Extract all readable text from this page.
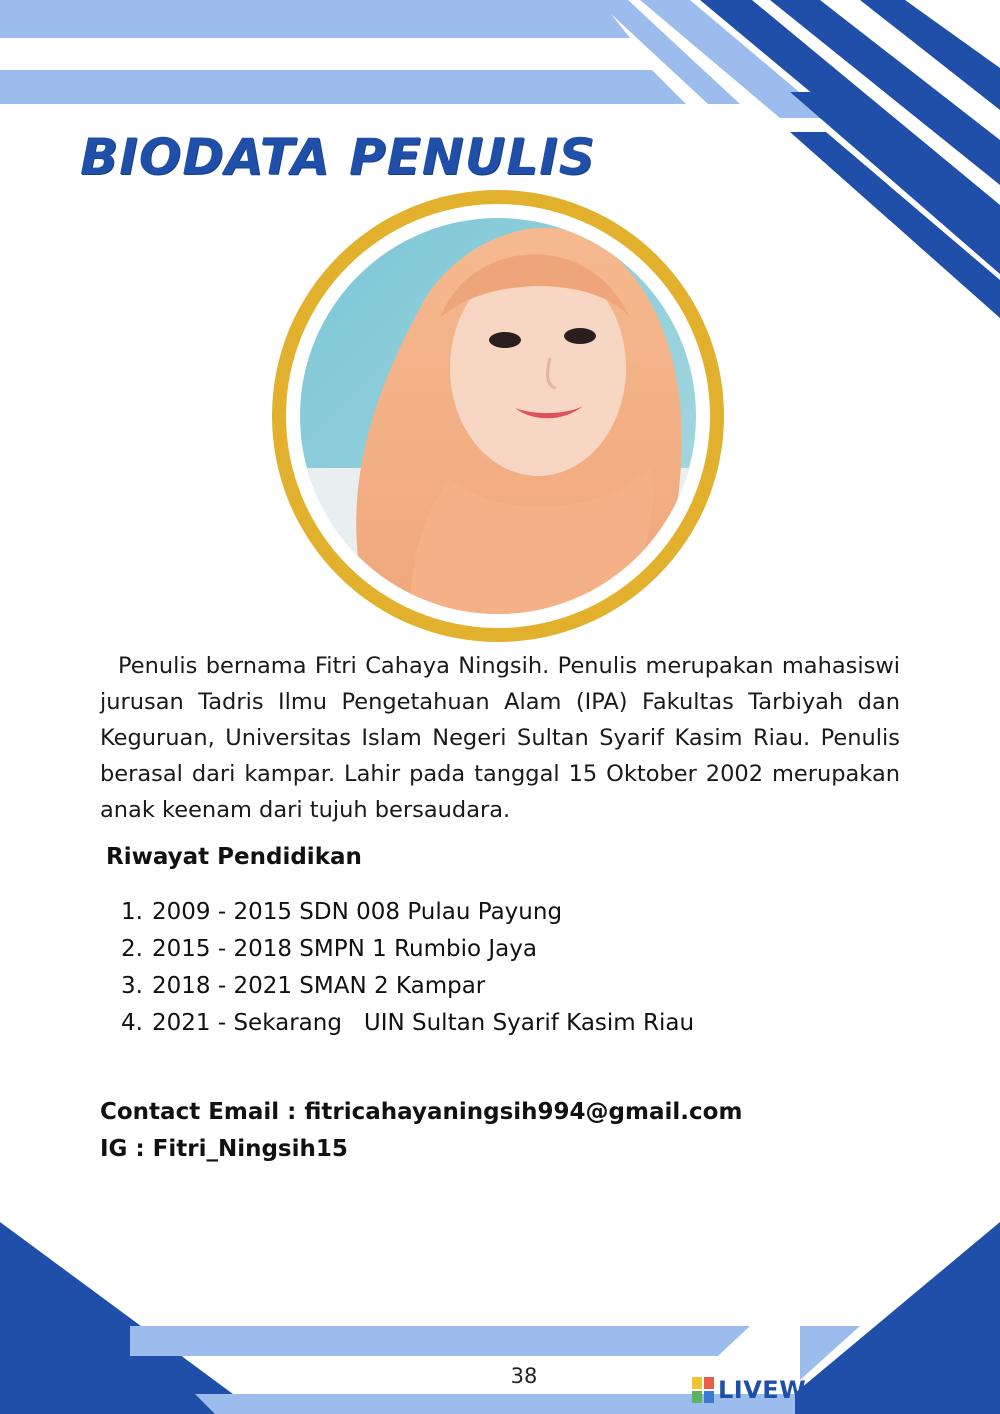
BIODATA PENULIS

Penulis bernama Fitri Cahaya Ningsih. Penulis merupakan mahasiswi jurusan Tadris Ilmu Pengetahuan Alam (IPA) Fakultas Tarbiyah dan Keguruan, Universitas Islam Negeri Sultan Syarif Kasim Riau. Penulis berasal dari kampar. Lahir pada tanggal 15 Oktober 2002 merupakan anak keenam dari tujuh bersaudara.

Riwayat Pendidikan
1. 2009 - 2015 SDN 008 Pulau Payung
2. 2015 - 2018 SMPN 1 Rumbio Jaya
3. 2018 - 2021 SMAN 2 Kampar
4. 2021 - Sekarang   UIN Sultan Syarif Kasim Riau
Contact Email : fitricahayaningsih994@gmail.com
IG : Fitri_Ningsih15
38	LIVEWORKSHEETS
